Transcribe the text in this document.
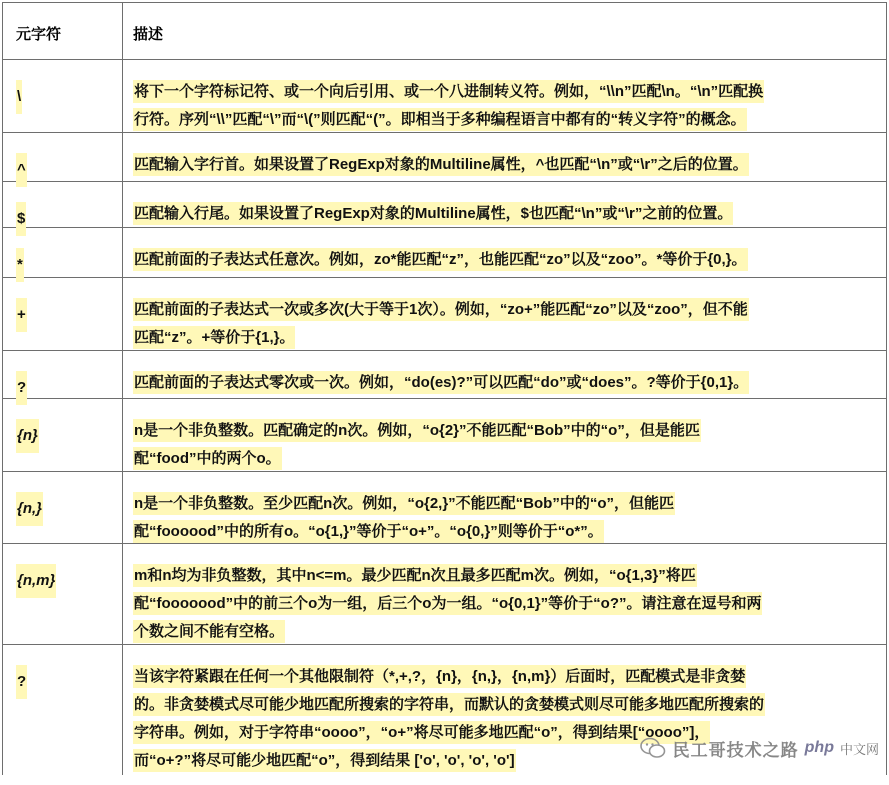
元字符	描述
\	将下一个字符标记符、或一个向后引用、或一个八进制转义符。例如，“\\n”匹配\n。“\n”匹配换
行符。序列“\\”匹配“\”而“\(”则匹配“(”。即相当于多种编程语言中都有的“转义字符”的概念。
^	匹配输入字行首。如果设置了RegExp对象的Multiline属性，^也匹配“\n”或“\r”之后的位置。
$	匹配输入行尾。如果设置了RegExp对象的Multiline属性，$也匹配“\n”或“\r”之前的位置。
*	匹配前面的子表达式任意次。例如，zo*能匹配“z”，也能匹配“zo”以及“zoo”。*等价于{0,}。
+	匹配前面的子表达式一次或多次(大于等于1次）。例如，“zo+”能匹配“zo”以及“zoo”，但不能
匹配“z”。+等价于{1,}。
?	匹配前面的子表达式零次或一次。例如，“do(es)?”可以匹配“do”或“does”。?等价于{0,1}。
{n}	n是一个非负整数。匹配确定的n次。例如，“o{2}”不能匹配“Bob”中的“o”，但是能匹
配“food”中的两个o。
{n,}	n是一个非负整数。至少匹配n次。例如，“o{2,}”不能匹配“Bob”中的“o”，但能匹
配“foooood”中的所有o。“o{1,}”等价于“o+”。“o{0,}”则等价于“o*”。
{n,m}	m和n均为非负整数，其中n<=m。最少匹配n次且最多匹配m次。例如，“o{1,3}”将匹
配“fooooood”中的前三个o为一组，后三个o为一组。“o{0,1}”等价于“o?”。请注意在逗号和两
个数之间不能有空格。
?	当该字符紧跟在任何一个其他限制符（*,+,?，{n}，{n,}，{n,m}）后面时，匹配模式是非贪婪
的。非贪婪模式尽可能少地匹配所搜索的字符串，而默认的贪婪模式则尽可能多地匹配所搜索的
字符串。例如，对于字符串“oooo”，“o+”将尽可能多地匹配“o”，得到结果[“oooo”]，
而“o+?”将尽可能少地匹配“o”，得到结果 ['o', 'o', 'o', 'o']
民工哥技术之路 php 中文网
